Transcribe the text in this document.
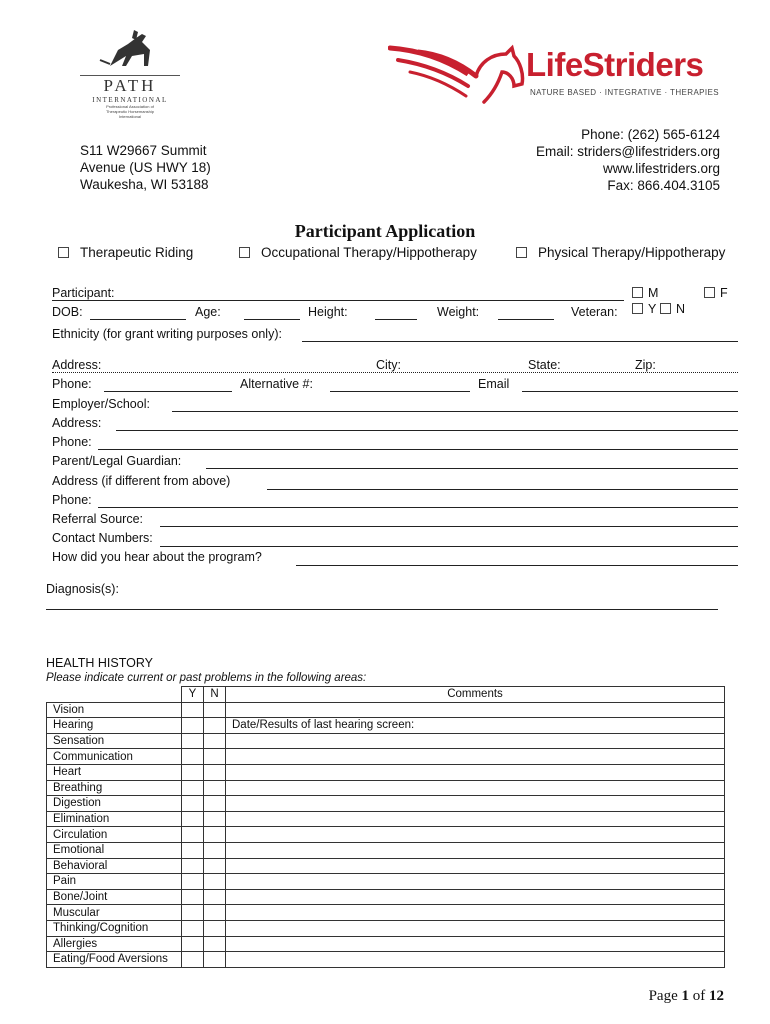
PATH
INTERNATIONAL
Professional Association of Therapeutic Horsemanship International
LifeStriders
NATURE BASED · INTEGRATIVE · THERAPIES
S11 W29667 Summit
Avenue (US HWY 18)
Waukesha, WI 53188
Phone: (262) 565-6124
Email: striders@lifestriders.org
www.lifestriders.org
Fax: 866.404.3105
Participant Application
Therapeutic Riding	Occupational Therapy/Hippotherapy	Physical Therapy/Hippotherapy
Participant:	M	F
DOB:	Age:	Height:	Weight:	Veteran:	Y	N
Ethnicity (for grant writing purposes only):
Address:	City:	State:	Zip:
Phone:	Alternative #:	Email
Employer/School:
Address:
Phone:
Parent/Legal Guardian:
Address (if different from above)
Phone:
Referral Source:
Contact Numbers:
How did you hear about the program?
Diagnosis(s):
HEALTH HISTORY
Please indicate current or past problems in the following areas:
	Y	N	Comments
Vision			
Hearing			Date/Results of last hearing screen:
Sensation			
Communication			
Heart			
Breathing			
Digestion			
Elimination			
Circulation			
Emotional			
Behavioral			
Pain			
Bone/Joint			
Muscular			
Thinking/Cognition			
Allergies			
Eating/Food Aversions			
Page 1 of 12
